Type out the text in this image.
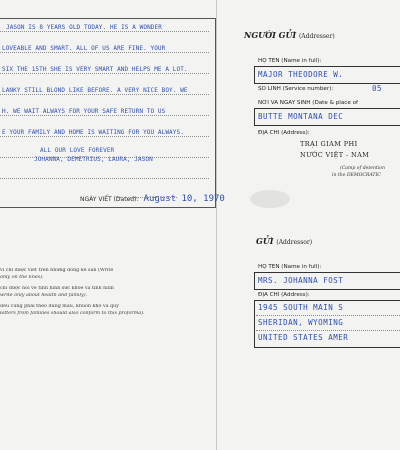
JASON IS 8 YEARS OLD TODAY. HE IS A WONDER
LOVEABLE AND SMART. ALL OF US ARE FINE. YOUR
SIX THE 15TH SHE IS VERY SMART AND HELPS ME A LOT.
LANKY STILL BLOND LIKE BEFORE. A VERY NICE BOY. WE
H. WE WAIT ALWAYS FOR YOUR SAFE RETURN TO US
E YOUR FAMILY AND HOME IS WAITING FOR YOU ALWAYS.
ALL OUR LOVE FOREVER
JOHANNA, DEMETRIUS, LAURA, JASON
NGÀY VIẾT (Dated): August 10, 1970
vì chỉ được viết trên những dòng kẻ sẵn (Write
only on the lines).
chỉ được nói về tình hình sức khỏe và tình hình
write only about health and family).
đều cũng phải theo đúng mẫu, khuôn khổ và quy
letters from families should also conform to this proforma).
NGƯỜI GỬI (Addresser)
HỌ TÊN (Name in full):
MAJOR THEODORE W.
SỐ LÍNH (Service number):	05
NƠI VÀ NGÀY SINH (Date & place of
BUTTE MONTANA DEC
ĐỊA CHỈ (Address):
TRẠI GIAM PHI
NƯỚC VIỆT - NAM
(Camp of detention
in the DEMOCRATIC
GỬI (Addressor)
HỌ TÊN (Name in full):
MRS. JOHANNA FOST
ĐỊA CHỈ (Address):
1945 SOUTH MAIN S
SHERIDAN, WYOMING
UNITED STATES AMER
